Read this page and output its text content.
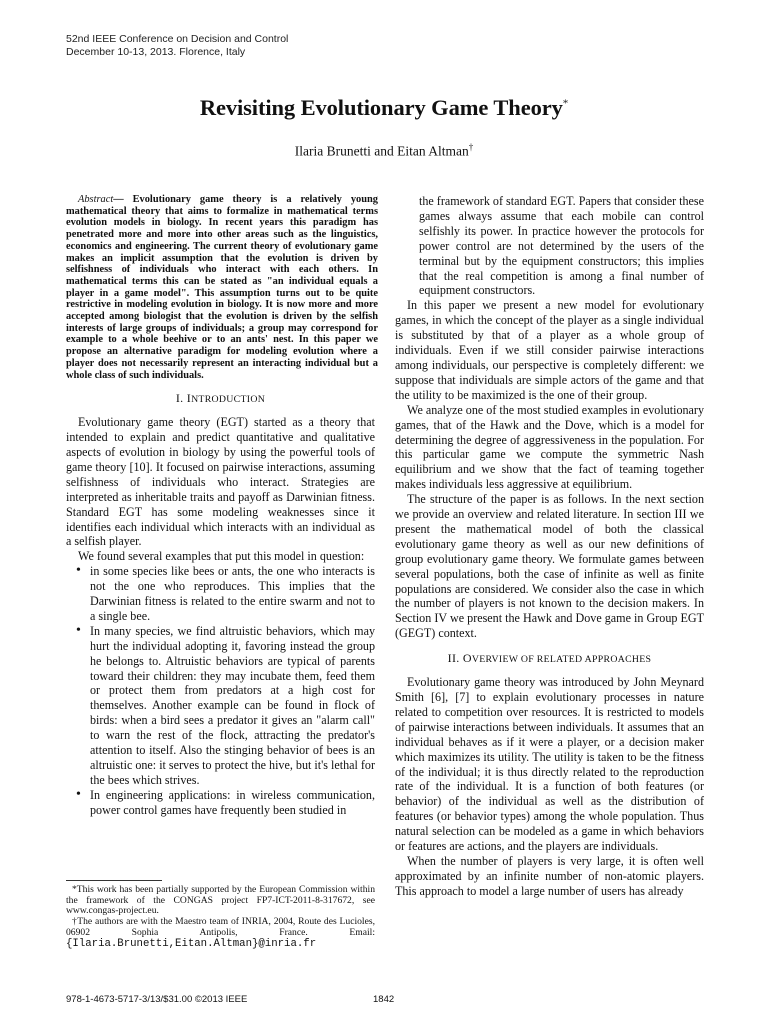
52nd IEEE Conference on Decision and Control
December 10-13, 2013. Florence, Italy
Revisiting Evolutionary Game Theory*
Ilaria Brunetti and Eitan Altman†

Abstract— Evolutionary game theory is a relatively young mathematical theory that aims to formalize in mathematical terms evolution models in biology. In recent years this paradigm has penetrated more and more into other areas such as the linguistics, economics and engineering. The current theory of evolutionary game makes an implicit assumption that the evolution is driven by selfishness of individuals who interact with each others. In mathematical terms this can be stated as "an individual equals a player in a game model". This assumption turns out to be quite restrictive in modeling evolution in biology. It is now more and more accepted among biologist that the evolution is driven by the selfish interests of large groups of individuals; a group may correspond for example to a whole beehive or to an ants' nest. In this paper we propose an alternative paradigm for modeling evolution where a player does not necessarily represent an interacting individual but a whole class of such individuals.

I. INTRODUCTION

Evolutionary game theory (EGT) started as a theory that intended to explain and predict quantitative and qualitative aspects of evolution in biology by using the powerful tools of game theory [10]. It focused on pairwise interactions, assuming selfishness of individuals who interact. Strategies are interpreted as inheritable traits and payoff as Darwinian fitness. Standard EGT has some modeling weaknesses since it identifies each individual which interacts with an individual as a selfish player.

We found several examples that put this model in question:

• in some species like bees or ants, the one who interacts is not the one who reproduces. This implies that the Darwinian fitness is related to the entire swarm and not to a single bee.
• In many species, we find altruistic behaviors, which may hurt the individual adopting it, favoring instead the group he belongs to. Altruistic behaviors are typical of parents toward their children: they may incubate them, feed them or protect them from predators at a high cost for themselves. Another example can be found in flock of birds: when a bird sees a predator it gives an "alarm call" to warn the rest of the flock, attracting the predator's attention to itself. Also the stinging behavior of bees is an altruistic one: it serves to protect the hive, but it's lethal for the bees which strives.
• In engineering applications: in wireless communication, power control games have frequently been studied in

*This work has been partially supported by the European Commission within the framework of the CONGAS project FP7-ICT-2011-8-317672, see www.congas-project.eu.

†The authors are with the Maestro team of INRIA, 2004, Route des Lucioles, 06902 Sophia Antipolis, France. Email: {Ilaria.Brunetti,Eitan.Altman}@inria.fr

the framework of standard EGT. Papers that consider these games always assume that each mobile can control selfishly its power. In practice however the protocols for power control are not determined by the users of the terminal but by the equipment constructors; this implies that the real competition is among a final number of equipment constructors.

In this paper we present a new model for evolutionary games, in which the concept of the player as a single individual is substituted by that of a player as a whole group of individuals. Even if we still consider pairwise interactions among individuals, our perspective is completely different: we suppose that individuals are simple actors of the game and that the utility to be maximized is the one of their group.

We analyze one of the most studied examples in evolutionary games, that of the Hawk and the Dove, which is a model for determining the degree of aggressiveness in the population. For this particular game we compute the symmetric Nash equilibrium and we show that the fact of teaming together makes individuals less aggressive at equilibrium.

The structure of the paper is as follows. In the next section we provide an overview and related literature. In section III we present the mathematical model of both the classical evolutionary game theory as well as our new definitions of group evolutionary game theory. We formulate games between several populations, both the case of infinite as well as finite populations are considered. We consider also the case in which the number of players is not known to the decision makers. In Section IV we present the Hawk and Dove game in Group EGT (GEGT) context.

II. OVERVIEW OF RELATED APPROACHES

Evolutionary game theory was introduced by John Meynard Smith [6], [7] to explain evolutionary processes in nature related to competition over resources. It is restricted to models of pairwise interactions between individuals. It assumes that an individual behaves as if it were a player, or a decision maker which maximizes its utility. The utility is taken to be the fitness of the individual; it is thus directly related to the reproduction rate of the individual. It is a function of both features (or behavior) of the individual as well as the distribution of features (or behavior types) among the whole population. Thus natural selection can be modeled as a game in which behaviors or features are actions, and the players are individuals.

When the number of players is very large, it is often well approximated by an infinite number of non-atomic players. This approach to model a large number of users has already

978-1-4673-5717-3/13/$31.00 ©2013 IEEE	1842
